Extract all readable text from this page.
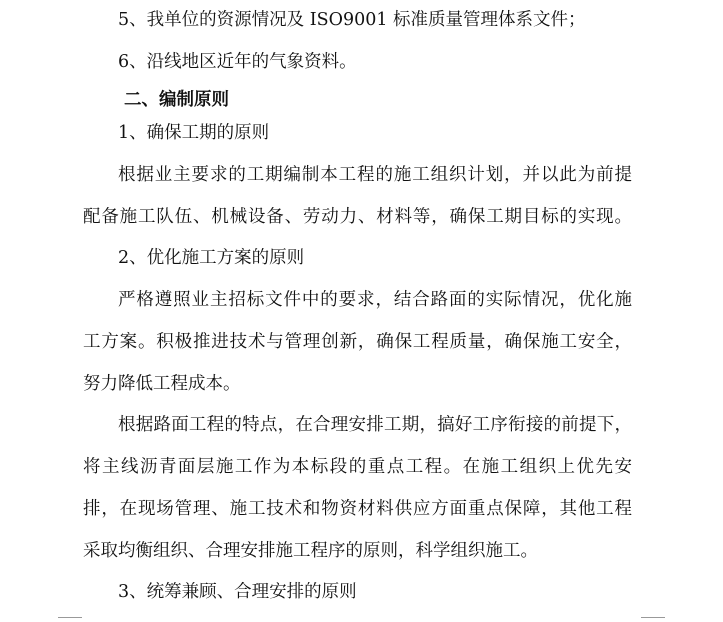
5、我单位的资源情况及 ISO9001 标准质量管理体系文件；
6、沿线地区近年的气象资料。
二、编制原则
1、确保工期的原则
根据业主要求的工期编制本工程的施工组织计划，并以此为前提
配备施工队伍、机械设备、劳动力、材料等，确保工期目标的实现。
2、优化施工方案的原则
严格遵照业主招标文件中的要求，结合路面的实际情况，优化施
工方案。积极推进技术与管理创新，确保工程质量，确保施工安全，
努力降低工程成本。
根据路面工程的特点，在合理安排工期，搞好工序衔接的前提下，
将主线沥青面层施工作为本标段的重点工程。在施工组织上优先安
排，在现场管理、施工技术和物资材料供应方面重点保障，其他工程
采取均衡组织、合理安排施工程序的原则，科学组织施工。
3、统筹兼顾、合理安排的原则
